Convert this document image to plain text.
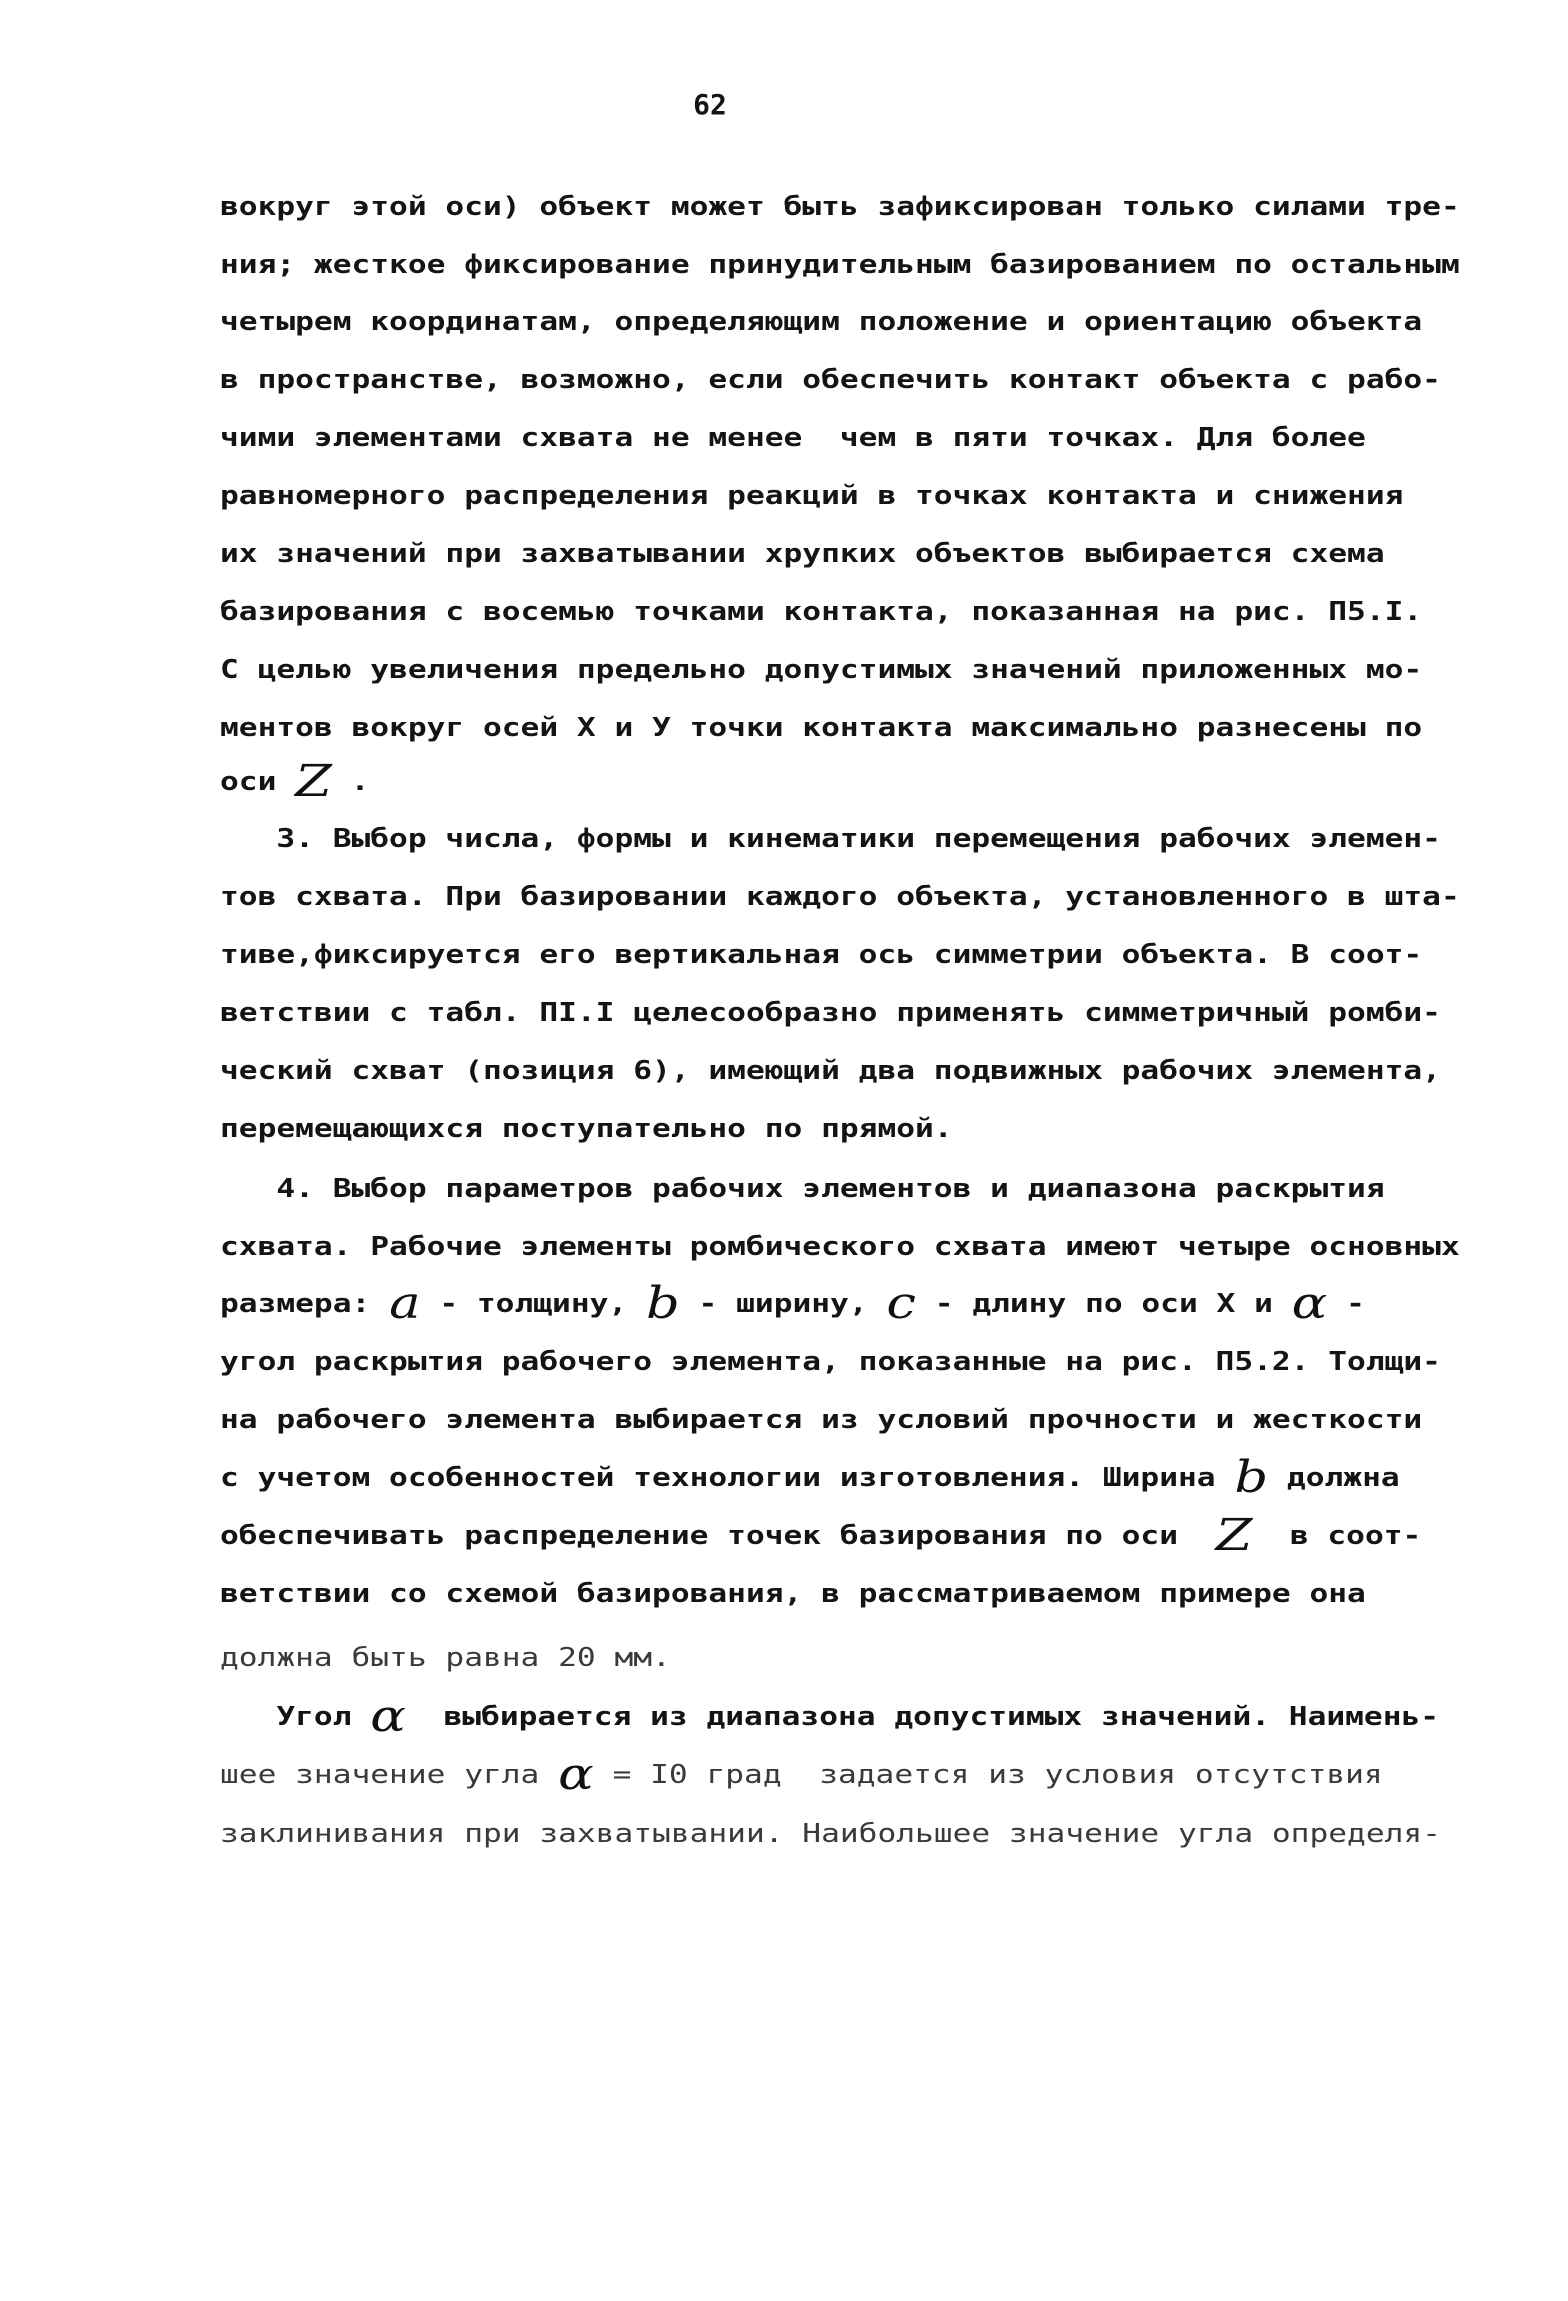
62
вокруг этой оси) объект может быть зафиксирован только силами тре-
ния; жесткое фиксирование принудительным базированием по остальным
четырем координатам, определяющим положение и ориентацию объекта
в пространстве, возможно, если обеспечить контакт объекта с рабо-
чими элементами схвата не менее  чем в пяти точках. Для более
равномерного распределения реакций в точках контакта и снижения
их значений при захватывании хрупких объектов выбирается схема
базирования с восемью точками контакта, показанная на рис. П5.I.
С целью увеличения предельно допустимых значений приложенных мо-
ментов вокруг осей X и У точки контакта максимально разнесены по
оси Z .
3. Выбор числа, формы и кинематики перемещения рабочих элемен-
тов схвата. При базировании каждого объекта, установленного в шта-
тиве,фиксируется его вертикальная ось симметрии объекта. В соот-
ветствии с табл. ПI.I целесообразно применять симметричный ромби-
ческий схват (позиция 6), имеющий два подвижных рабочих элемента,
перемещающихся поступательно по прямой.
4. Выбор параметров рабочих элементов и диапазона раскрытия
схвата. Рабочие элементы ромбического схвата имеют четыре основных
размера: a - толщину, b - ширину, c - длину по оси X и α -
угол раскрытия рабочего элемента, показанные на рис. П5.2. Толщи-
на рабочего элемента выбирается из условий прочности и жесткости
с учетом особенностей технологии изготовления. Ширина b должна
обеспечивать распределение точек базирования по оси  Z  в соот-
ветствии со схемой базирования, в рассматриваемом примере она
должна быть равна 20 мм.
Угол α  выбирается из диапазона допустимых значений. Наимень-
шее значение угла α = I0 град  задается из условия отсутствия
заклинивания при захватывании. Наибольшее значение угла определя-
